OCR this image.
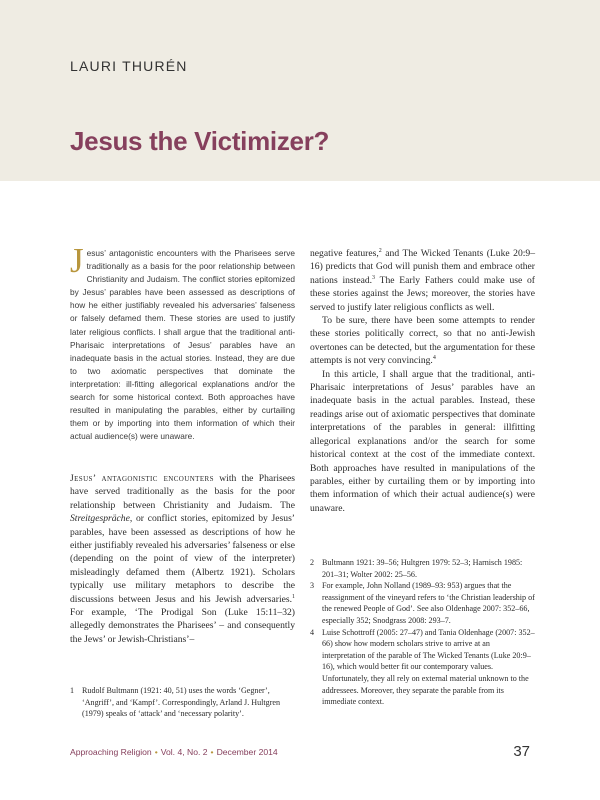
LAURI THURÉN
Jesus the Victimizer?
Jesus’ antagonistic encounters with the Pharisees serve traditionally as a basis for the poor relationship between Christianity and Judaism. The conflict stories epitomized by Jesus’ parables have been assessed as descriptions of how he either justifiably revealed his adversaries’ falseness or falsely defamed them. These stories are used to justify later religious conflicts. I shall argue that the traditional anti-Pharisaic interpretations of Jesus’ parables have an inadequate basis in the actual stories. Instead, they are due to two axiomatic perspectives that dominate the interpretation: ill-fitting allegorical explanations and/or the search for some historical context. Both approaches have resulted in manipulating the parables, either by curtailing them or by importing into them information of which their actual audience(s) were unaware.

Jesus’ antagonistic encounters with the Pharisees have served traditionally as the basis for the poor relationship between Christianity and Judaism. The Streitgespräche, or conflict stories, epitomized by Jesus’ parables, have been assessed as descriptions of how he either justifiably revealed his adversaries’ falseness or else (depending on the point of view of the interpreter) misleadingly defamed them (Albertz 1921). Scholars typically use military metaphors to describe the discussions between Jesus and his Jewish adversaries.$^1$ For example, ‘The Prodigal Son (Luke 15:11–32) allegedly demonstrates the Pharisees’ – and consequently the Jews’ or Jewish-Christians’–

negative features,$^2$ and The Wicked Tenants (Luke 20:9–16) predicts that God will punish them and embrace other nations instead.$^3$ The Early Fathers could make use of these stories against the Jews; moreover, the stories have served to justify later religious conflicts as well.

To be sure, there have been some attempts to render these stories politically correct, so that no anti-Jewish overtones can be detected, but the argumentation for these attempts is not very convincing.$^4$

In this article, I shall argue that the traditional, anti-Pharisaic interpretations of Jesus’ parables have an inadequate basis in the actual parables. Instead, these readings arise out of axiomatic perspectives that dominate interpretations of the parables in general: illfitting allegorical explanations and/or the search for some historical context at the cost of the immediate context. Both approaches have resulted in manipulations of the parables, either by curtailing them or by importing into them information of which their actual audience(s) were unaware.

1 Rudolf Bultmann (1921: 40, 51) uses the words ‘Gegner’, ‘Angriff’, and ‘Kampf’. Correspondingly, Arland J. Hultgren (1979) speaks of ‘attack’ and ‘necessary polarity’.
2 Bultmann 1921: 39–56; Hultgren 1979: 52–3; Harnisch 1985: 201–31; Wolter 2002: 25–56.
3 For example, John Nolland (1989–93: 953) argues that the reassignment of the vineyard refers to ‘the Christian leadership of the renewed People of God’. See also Oldenhage 2007: 352–66, especially 352; Snodgrass 2008: 293–7.
4 Luise Schottroff (2005: 27–47) and Tania Oldenhage (2007: 352–66) show how modern scholars strive to arrive at an interpretation of the parable of The Wicked Tenants (Luke 20:9–16), which would better fit our contemporary values. Unfortunately, they all rely on external material unknown to the addressees. Moreover, they separate the parable from its immediate context.
Approaching Religion • Vol. 4, No. 2 • December 2014	37
